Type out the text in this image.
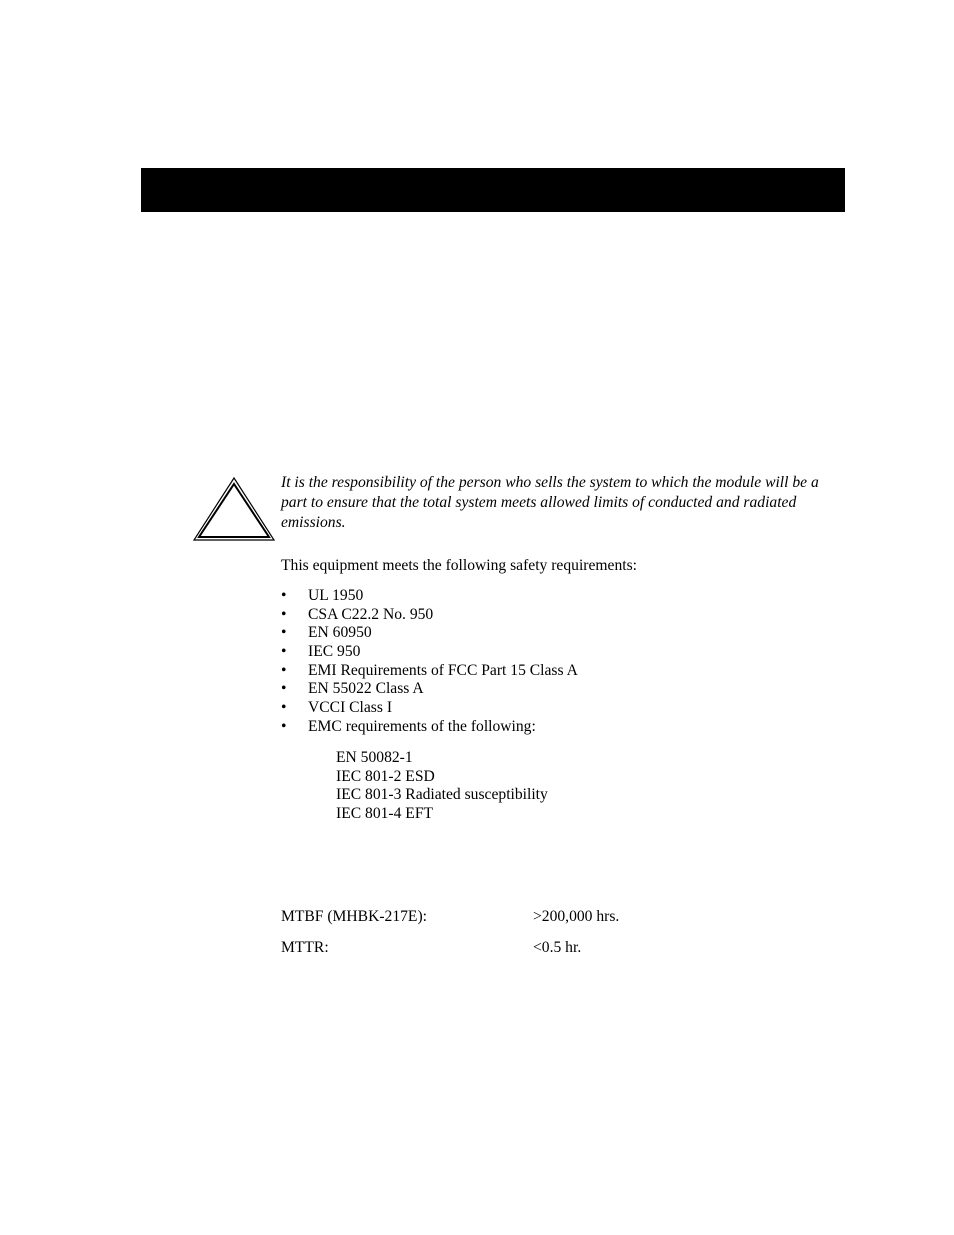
It is the responsibility of the person who sells the system to which the module will be a part to ensure that the total system meets allowed limits of conducted and radiated emissions.

This equipment meets the following safety requirements:

• UL 1950
• CSA C22.2 No. 950
• EN 60950
• IEC 950
• EMI Requirements of FCC Part 15 Class A
• EN 55022 Class A
• VCCI Class I
• EMC requirements of the following:
EN 50082-1
IEC 801-2 ESD
IEC 801-3 Radiated susceptibility
IEC 801-4 EFT
MTBF (MHBK-217E):	>200,000 hrs.
MTTR:	<0.5 hr.
